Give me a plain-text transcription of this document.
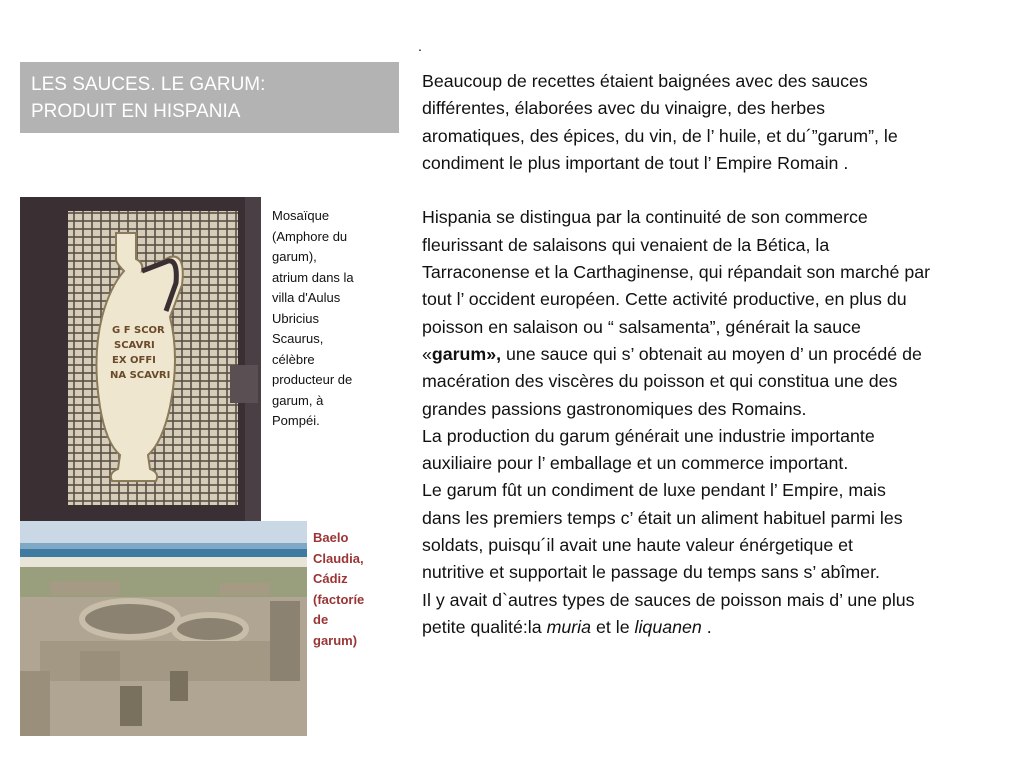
.
LES SAUCES. LE GARUM:
PRODUIT EN HISPANIA
G F SCOR
SCAVRI
EX OFFI
NA SCAVRI
Mosaïque
(Amphore du
garum),
atrium dans la
villa d'Aulus
Ubricius
Scaurus,
célèbre
producteur de
garum, à
Pompéi.
Baelo
Claudia,
Cádiz
(factoríe
de
garum)
Beaucoup de recettes étaient baignées avec des sauces
différentes, élaborées avec du vinaigre, des herbes
aromatiques, des épices, du vin, de l’ huile, et du´”garum”, le
condiment le plus important de tout l’ Empire Romain .
Hispania se distingua par la continuité de son commerce
fleurissant de salaisons qui venaient de la Bética, la
Tarraconense et la Carthaginense, qui répandait son marché par
tout l’ occident européen. Cette activité productive, en plus du
poisson en salaison ou “ salsamenta”, générait la sauce
«garum», une sauce qui s’ obtenait au moyen d’ un procédé de
macération des viscères du poisson et qui constitua une des
grandes passions gastronomiques des Romains.
La production du garum générait une industrie importante
auxiliaire pour l’ emballage et un commerce important.
Le garum fût un condiment de luxe pendant l’ Empire, mais
dans les premiers temps c’ était un aliment habituel parmi les
soldats, puisqu´il avait une haute valeur énérgetique et
nutritive et supportait le passage du temps sans s’ abîmer.
Il y avait d`autres types de sauces de poisson mais d’ une plus
petite qualité:la muria et le liquanen .
